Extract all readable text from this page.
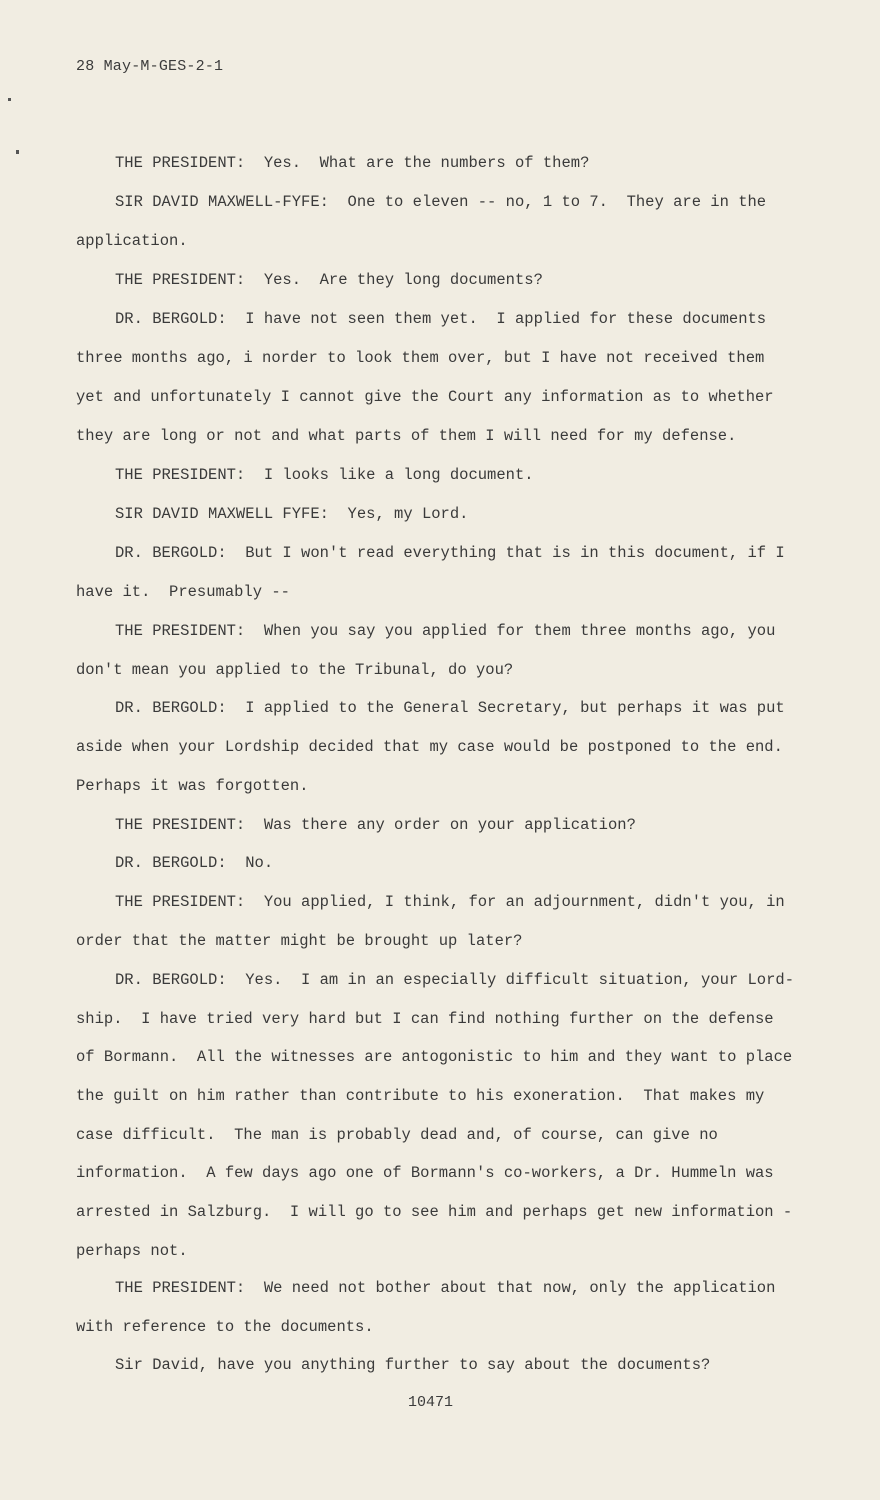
28 May-M-GES-2-1
THE PRESIDENT:  Yes.  What are the numbers of them?
SIR DAVID MAXWELL-FYFE:  One to eleven -- no, 1 to 7.  They are in the
application.
THE PRESIDENT:  Yes.  Are they long documents?
DR. BERGOLD:  I have not seen them yet.  I applied for these documents
three months ago, i norder to look them over, but I have not received them
yet and unfortunately I cannot give the Court any information as to whether
they are long or not and what parts of them I will need for my defense.
THE PRESIDENT:  I looks like a long document.
SIR DAVID MAXWELL FYFE:  Yes, my Lord.
DR. BERGOLD:  But I won't read everything that is in this document, if I
have it.  Presumably --
THE PRESIDENT:  When you say you applied for them three months ago, you
don't mean you applied to the Tribunal, do you?
DR. BERGOLD:  I applied to the General Secretary, but perhaps it was put
aside when your Lordship decided that my case would be postponed to the end.
Perhaps it was forgotten.
THE PRESIDENT:  Was there any order on your application?
DR. BERGOLD:  No.
THE PRESIDENT:  You applied, I think, for an adjournment, didn't you, in
order that the matter might be brought up later?
DR. BERGOLD:  Yes.  I am in an especially difficult situation, your Lord-
ship.  I have tried very hard but I can find nothing further on the defense
of Bormann.  All the witnesses are antogonistic to him and they want to place
the guilt on him rather than contribute to his exoneration.  That makes my
case difficult.  The man is probably dead and, of course, can give no
information.  A few days ago one of Bormann's co-workers, a Dr. Hummeln was
arrested in Salzburg.  I will go to see him and perhaps get new information -
perhaps not.
THE PRESIDENT:  We need not bother about that now, only the application
with reference to the documents.
Sir David, have you anything further to say about the documents?
10471
